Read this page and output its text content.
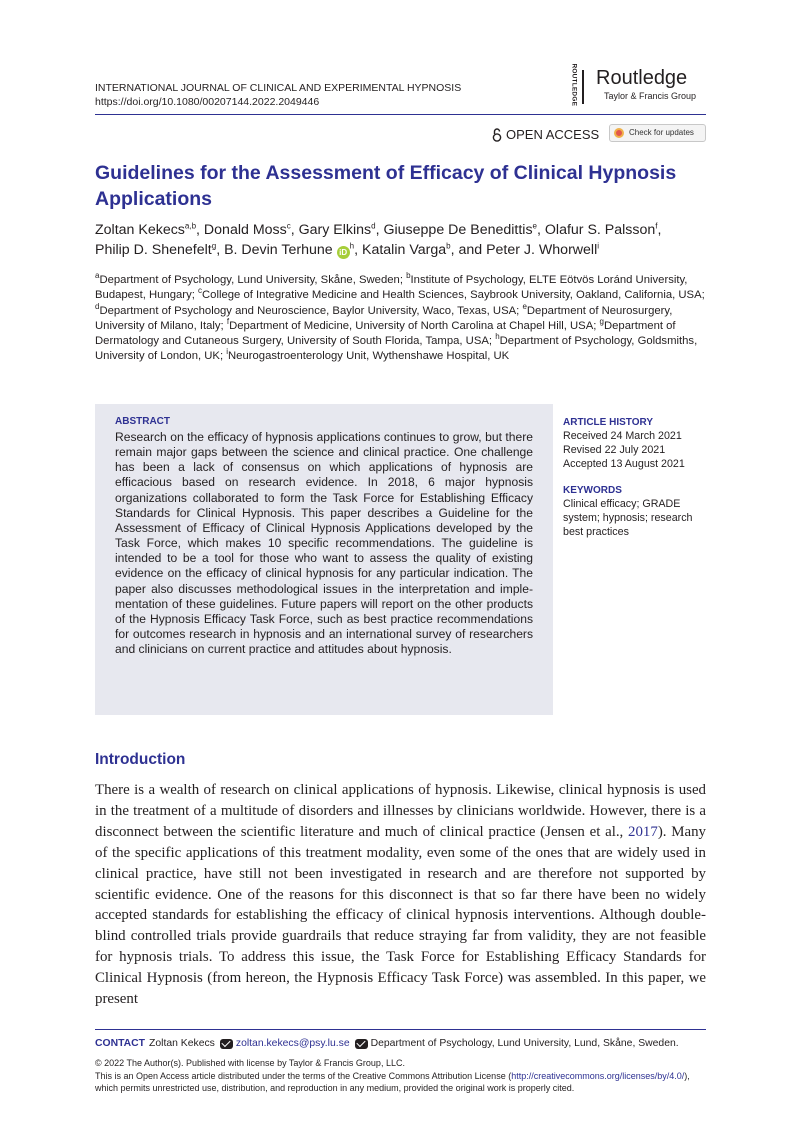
INTERNATIONAL JOURNAL OF CLINICAL AND EXPERIMENTAL HYPNOSIS
https://doi.org/10.1080/00207144.2022.2049446	ROUTLEDGE Routledge
Taylor & Francis Group
OPEN ACCESS	Check for updates
Guidelines for the Assessment of Efficacy of Clinical Hypnosis Applications
Zoltan Kekecs$^{a,b}$, Donald Moss$^c$, Gary Elkins$^d$, Giuseppe De Benedittis$^e$, Olafur S. Palsson$^f$,
Philip D. Shenefelt$^g$, B. Devin Terhune $iD^h$, Katalin Varga$^b$, and Peter J. Whorwell$^i$
$^a$Department of Psychology, Lund University, Skåne, Sweden; $^b$Institute of Psychology, ELTE Eötvös Loránd University, Budapest, Hungary; $^c$College of Integrative Medicine and Health Sciences, Saybrook University, Oakland, California, USA; $^d$Department of Psychology and Neuroscience, Baylor University, Waco, Texas, USA; $^e$Department of Neurosurgery, University of Milano, Italy; $^f$Department of Medicine, University of North Carolina at Chapel Hill, USA; $^g$Department of Dermatology and Cutaneous Surgery, University of South Florida, Tampa, USA; $^h$Department of Psychology, Goldsmiths, University of London, UK; $^i$Neurogastroenterology Unit, Wythenshawe Hospital, UK
ABSTRACT

Research on the efficacy of hypnosis applications continues to grow, but there remain major gaps between the science and clinical practice. One challenge has been a lack of consensus on which applications of hypnosis are efficacious based on research evidence. In 2018, 6 major hypnosis organizations collaborated to form the Task Force for Establishing Efficacy Standards for Clinical Hypnosis. This paper describes a Guideline for the Assessment of Efficacy of Clinical Hypnosis Applications developed by the Task Force, which makes 10 specific recommendations. The guideline is intended to be a tool for those who want to assess the quality of existing evidence on the efficacy of clinical hypnosis for any particular indication. The paper also discusses methodological issues in the interpretation and implementation of these guidelines. Future papers will report on the other products of the Hypnosis Efficacy Task Force, such as best practice recommendations for outcomes research in hypnosis and an international survey of researchers and clinicians on current practice and attitudes about hypnosis.

ARTICLE HISTORY
Received 24 March 2021
Revised 22 July 2021
Accepted 13 August 2021
KEYWORDS
Clinical efficacy; GRADE system; hypnosis; research best practices
Introduction

There is a wealth of research on clinical applications of hypnosis. Likewise, clinical hypnosis is used in the treatment of a multitude of disorders and illnesses by clinicians worldwide. However, there is a disconnect between the scientific literature and much of clinical practice (Jensen et al., 2017). Many of the specific applications of this treatment modality, even some of the ones that are widely used in clinical practice, have still not been investigated in research and are therefore not supported by scientific evidence. One of the reasons for this disconnect is that so far there have been no widely accepted standards for establishing the efficacy of clinical hypnosis interventions. Although double-blind controlled trials provide guardrails that reduce straying far from validity, they are not feasible for hypnosis trials. To address this issue, the Task Force for Establishing Efficacy Standards for Clinical Hypnosis (from hereon, the Hypnosis Efficacy Task Force) was assembled. In this paper, we present

CONTACT Zoltan Kekecs zoltan.kekecs@psy.lu.se Department of Psychology, Lund University, Lund, Skåne, Sweden.
© 2022 The Author(s). Published with license by Taylor & Francis Group, LLC.
This is an Open Access article distributed under the terms of the Creative Commons Attribution License (http://creativecommons.org/licenses/by/4.0/), which permits unrestricted use, distribution, and reproduction in any medium, provided the original work is properly cited.
